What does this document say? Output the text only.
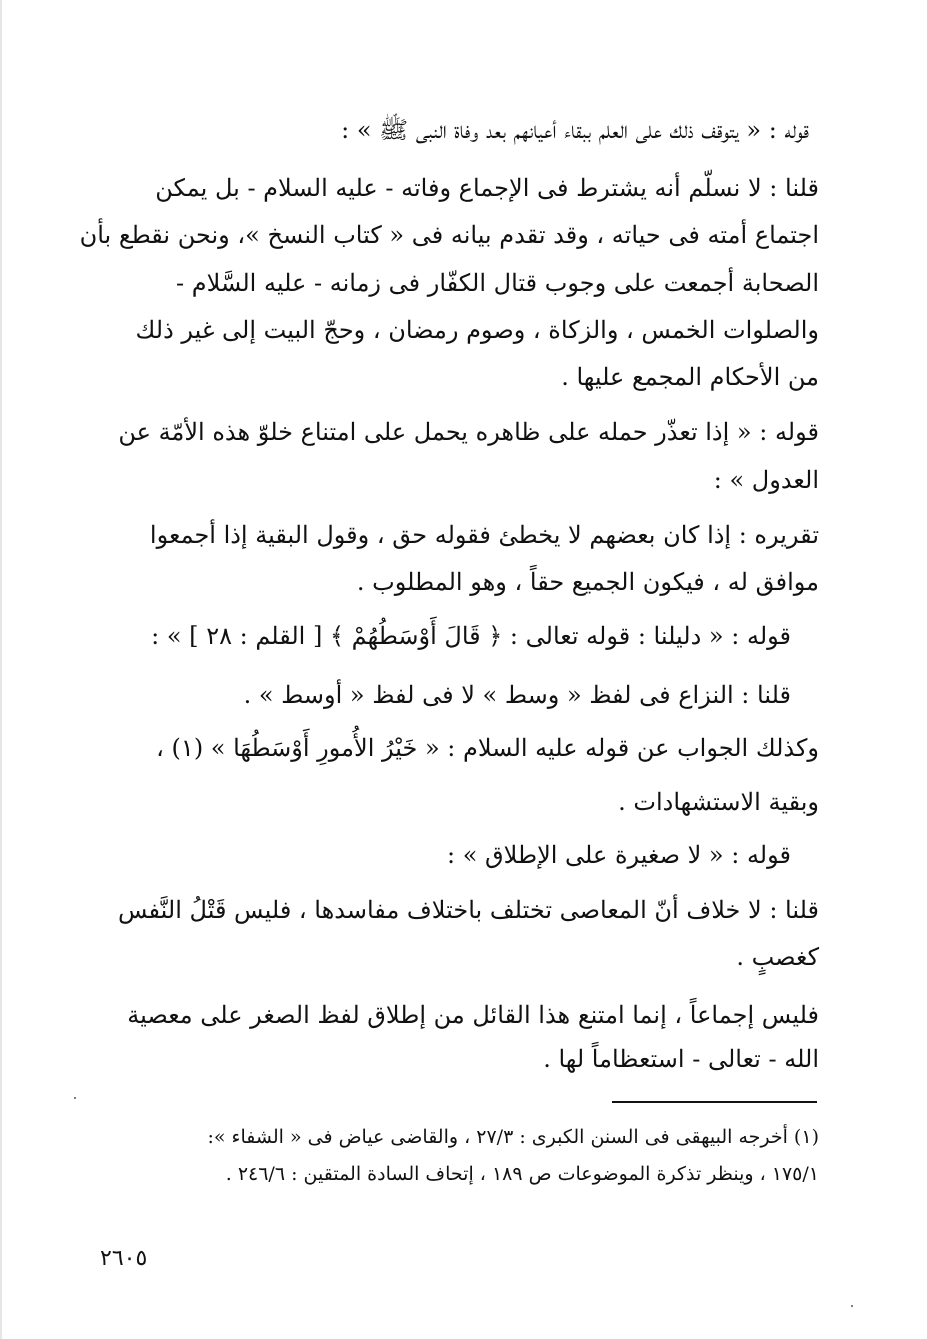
قوله : « يتوقف ذلك على العلم ببقاء أعيانهم بعد وفاة النبى ﷺ » :
قلنا : لا نسلّم أنه يشترط فى الإجماع وفاته - عليه السلام - بل يمكن
اجتماع أمته فى حياته ، وقد تقدم بيانه فى « كتاب النسخ »، ونحن نقطع بأن
الصحابة أجمعت على وجوب قتال الكفّار فى زمانه - عليه السَّلام -
والصلوات الخمس ، والزكاة ، وصوم رمضان ، وحجّ البيت إلى غير ذلك
من الأحكام المجمع عليها .
قوله : « إذا تعذّر حمله على ظاهره يحمل على امتناع خلوّ هذه الأمّة عن
العدول » :
تقريره : إذا كان بعضهم لا يخطئ فقوله حق ، وقول البقية إذا أجمعوا
موافق له ، فيكون الجميع حقاً ، وهو المطلوب .
قوله : « دليلنا : قوله تعالى : ﴿ قَالَ أَوْسَطُهُمْ ﴾ [ القلم : ٢٨ ] » :
قلنا : النزاع فى لفظ « وسط » لا فى لفظ « أوسط » .
وكذلك الجواب عن قوله عليه السلام : « خَيْرُ الأُمورِ أَوْسَطُهَا » (١) ،
وبقية الاستشهادات .
قوله : « لا صغيرة على الإطلاق » :
قلنا : لا خلاف أنّ المعاصى تختلف باختلاف مفاسدها ، فليس قَتْلُ النَّفس
كغصبٍ .
فليس إجماعاً ، إنما امتنع هذا القائل من إطلاق لفظ الصغر على معصية
الله - تعالى - استعظاماً لها .
(١) أخرجه البيهقى فى السنن الكبرى : ٢٧/٣ ، والقاضى عياض فى « الشفاء »:
١٧٥/١ ، وينظر تذكرة الموضوعات ص ١٨٩ ، إتحاف السادة المتقين : ٢٤٦/٦ .
٢٦٠٥
